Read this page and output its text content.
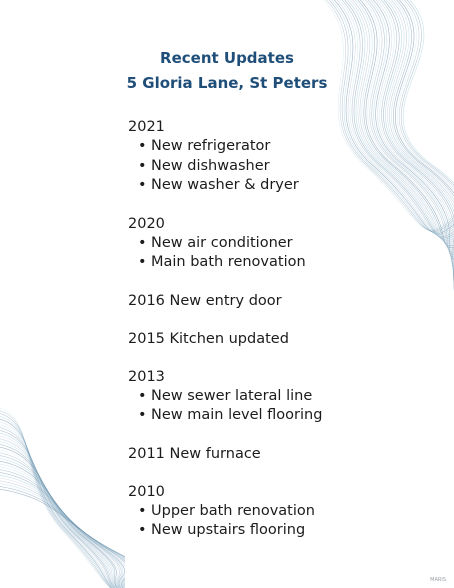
Recent Updates
5 Gloria Lane, St Peters
2021
• New refrigerator
• New dishwasher
• New washer & dryer
2020
• New air conditioner
• Main bath renovation
2016 New entry door
2015 Kitchen updated
2013
• New sewer lateral line
• New main level flooring
2011 New furnace
2010
• Upper bath renovation
• New upstairs flooring
MARIS
